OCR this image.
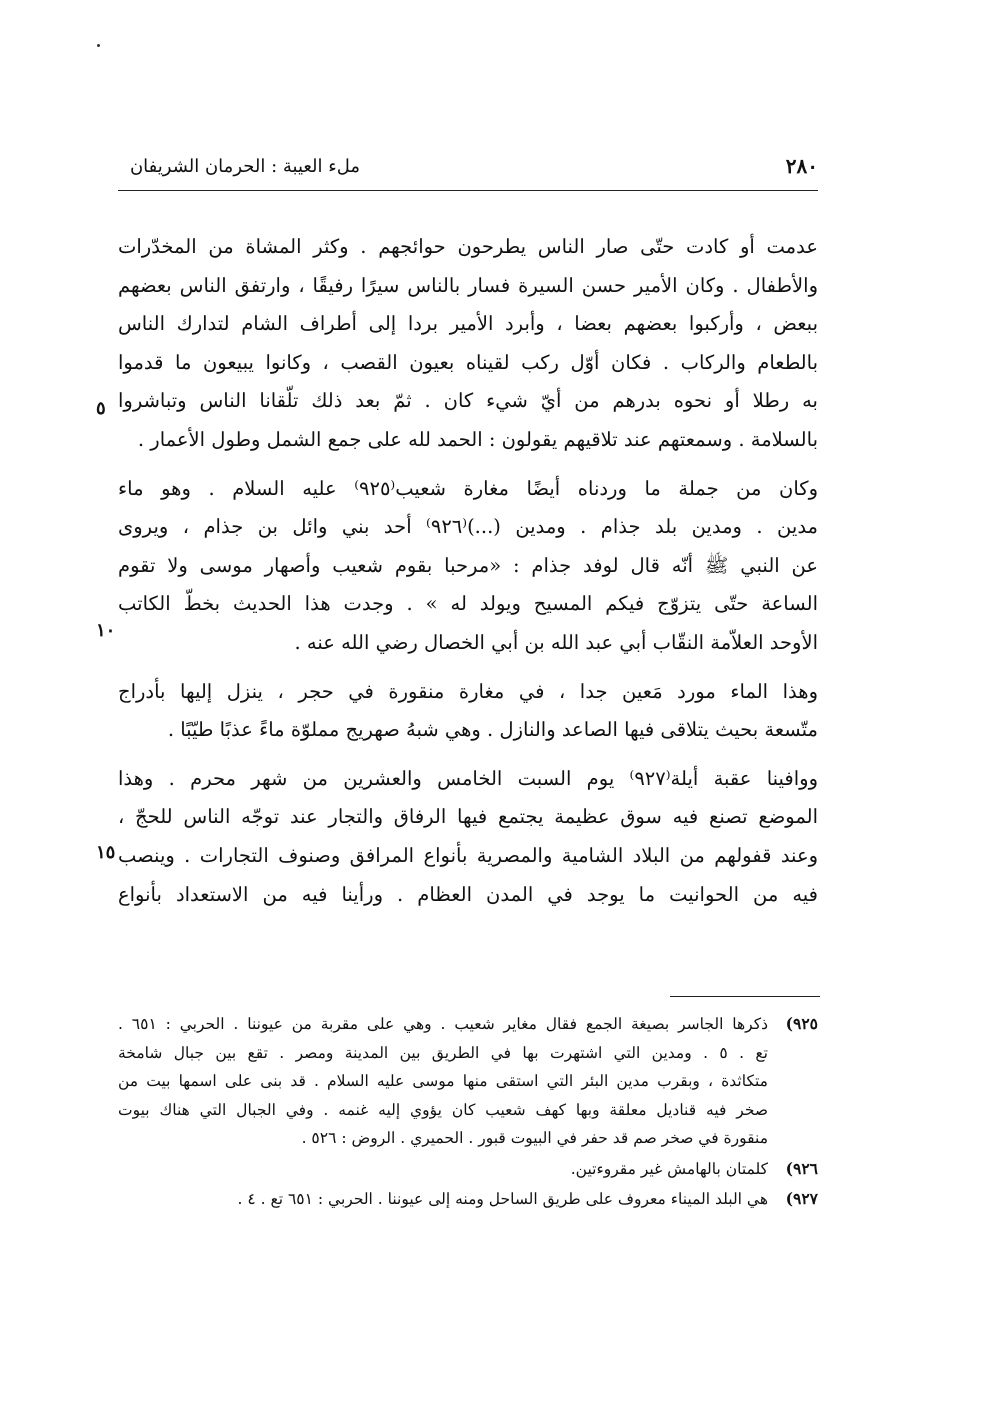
٢٨٠
ملء العيبة : الحرمان الشريفان
عدمت أو كادت حتّى صار الناس يطرحون حوائجهم . وكثر المشاة من المخدّرات
والأطفال . وكان الأمير حسن السيرة فسار بالناس سيرًا رفيقًا ، وارتفق الناس بعضهم
ببعض ، وأركبوا بعضهم بعضا ، وأبرد الأمير بردا إلى أطراف الشام لتدارك الناس
بالطعام والركاب . فكان أوّل ركب لقيناه بعيون القصب ، وكانوا يبيعون ما قدموا
به رطلا أو نحوه بدرهم من أيّ شيء كان . ثمّ بعد ذلك تلّقانا الناس وتباشروا
بالسلامة . وسمعتهم عند تلاقيهم يقولون : الحمد لله على جمع الشمل وطول الأعمار .
وكان من جملة ما وردناه أيضًا مغارة شعيب⁽٩٢٥⁾ عليه السلام . وهو ماء
مدين . ومدين بلد جذام . ومدين (...)⁽٩٢٦⁾ أحد بني وائل بن جذام ، ويروى
عن النبي ﷺ أنّه قال لوفد جذام : «مرحبا بقوم شعيب وأصهار موسى ولا تقوم
الساعة حتّى يتزوّج فيكم المسيح ويولد له » . وجدت هذا الحديث بخطّ الكاتب
الأوحد العلاّمة النقّاب أبي عبد الله بن أبي الخصال رضي الله عنه .
وهذا الماء مورد مَعين جدا ، في مغارة منقورة في حجر ، ينزل إليها بأدراج
متّسعة بحيث يتلاقى فيها الصاعد والنازل . وهي شبهُ صهريج مملوّة ماءً عذبًا طيّبًا .
ووافينا عقبة أيلة⁽٩٢٧⁾ يوم السبت الخامس والعشرين من شهر محرم . وهذا
الموضع تصنع فيه سوق عظيمة يجتمع فيها الرفاق والتجار عند توجّه الناس للحجّ ،
وعند قفولهم من البلاد الشامية والمصرية بأنواع المرافق وصنوف التجارات . وينصب
فيه من الحوانيت ما يوجد في المدن العظام . ورأينا فيه من الاستعداد بأنواع
٥
١٠
١٥
٩٢٥)
ذكرها الجاسر بصيغة الجمع فقال مغاير شعيب . وهي على مقربة من عيوننا . الحربي : ٦٥١ .
تع . ٥ . ومدين التي اشتهرت بها في الطريق بين المدينة ومصر . تقع بين جبال شامخة
متكاثدة ، وبقرب مدين البئر التي استقى منها موسى عليه السلام . قد بنى على اسمها بيت من
صخر فيه قناديل معلقة وبها كهف شعيب كان يؤوي إليه غنمه . وفي الجبال التي هناك بيوت
منقورة في صخر صم قد حفر في البيوت قبور . الحميري . الروض : ٥٢٦ .
٩٢٦)
كلمتان بالهامش غير مقروءتين.
٩٢٧)
هي البلد الميناء معروف على طريق الساحل ومنه إلى عيوننا . الحربي : ٦٥١ تع . ٤ .
